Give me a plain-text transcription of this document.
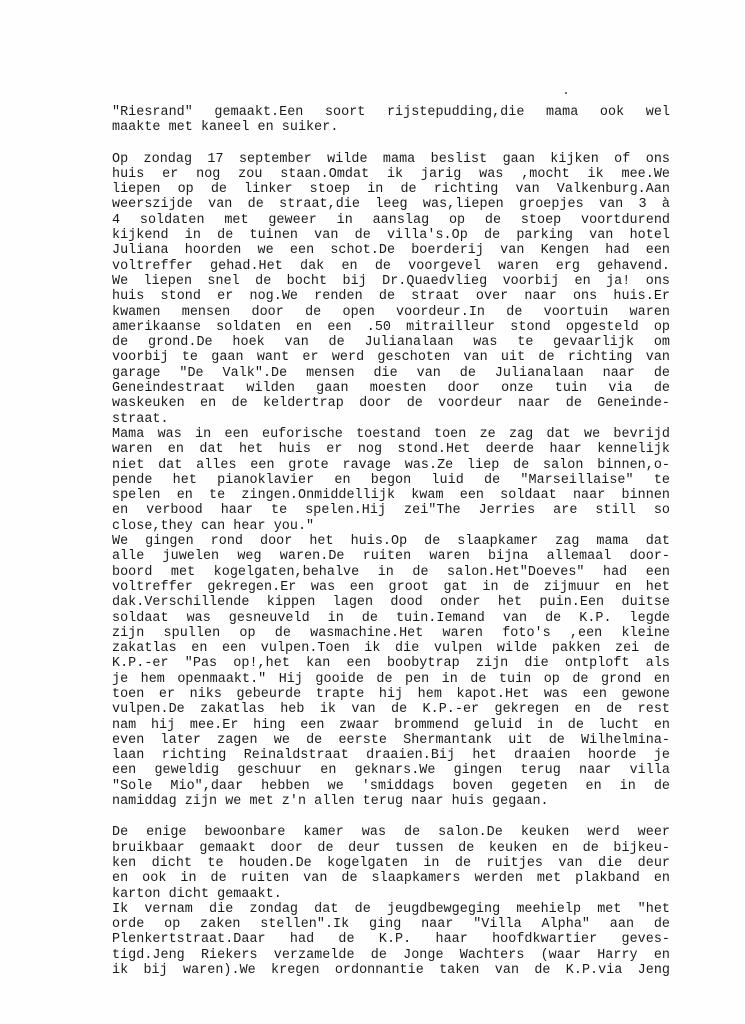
"Riesrand" gemaakt.Een soort rijstepudding,die mama ook wel
maakte met kaneel en suiker.
Op zondag 17 september wilde mama beslist gaan kijken of ons
huis er nog zou staan.Omdat ik jarig was ,mocht ik mee.We
liepen op de linker stoep in de richting van Valkenburg.Aan
weerszijde van de straat,die leeg was,liepen groepjes van 3 à
4 soldaten met geweer in aanslag op de stoep voortdurend
kijkend in de tuinen van de villa's.Op de parking van hotel
Juliana hoorden we een schot.De boerderij van Kengen had een
voltreffer gehad.Het dak en de voorgevel waren erg gehavend.
We liepen snel de bocht bij Dr.Quaedvlieg voorbij en ja! ons
huis stond er nog.We renden de straat over naar ons huis.Er
kwamen mensen door de open voordeur.In de voortuin waren
amerikaanse soldaten en een .50 mitrailleur stond opgesteld op
de grond.De hoek van de Julianalaan was te gevaarlijk om
voorbij te gaan want er werd geschoten van uit de richting van
garage "De Valk".De mensen die van de Julianalaan naar de
Geneindestraat wilden gaan moesten door onze tuin via de
waskeuken en de keldertrap door de voordeur naar de Geneinde-
straat.
Mama was in een euforische toestand toen ze zag dat we bevrijd
waren en dat het huis er nog stond.Het deerde haar kennelijk
niet dat alles een grote ravage was.Ze liep de salon binnen,o-
pende het pianoklavier en begon luid de "Marseillaise" te
spelen en te zingen.Onmiddellijk kwam een soldaat naar binnen
en verbood haar te spelen.Hij zei"The Jerries are still so
close,they can hear you."
We gingen rond door het huis.Op de slaapkamer zag mama dat
alle juwelen weg waren.De ruiten waren bijna allemaal door-
boord met kogelgaten,behalve in de salon.Het"Doeves" had een
voltreffer gekregen.Er was een groot gat in de zijmuur en het
dak.Verschillende kippen lagen dood onder het puin.Een duitse
soldaat was gesneuveld in de tuin.Iemand van de K.P. legde
zijn spullen op de wasmachine.Het waren foto's ,een kleine
zakatlas en een vulpen.Toen ik die vulpen wilde pakken zei de
K.P.-er "Pas op!,het kan een boobytrap zijn die ontploft als
je hem openmaakt." Hij gooide de pen in de tuin op de grond en
toen er niks gebeurde trapte hij hem kapot.Het was een gewone
vulpen.De zakatlas heb ik van de K.P.-er gekregen en de rest
nam hij mee.Er hing een zwaar brommend geluid in de lucht en
even later zagen we de eerste Shermantank uit de Wilhelmina-
laan richting Reinaldstraat draaien.Bij het draaien hoorde je
een geweldig geschuur en geknars.We gingen terug naar villa
"Sole Mio",daar hebben we 'smiddags boven gegeten en in de
namiddag zijn we met z'n allen terug naar huis gegaan.
De enige bewoonbare kamer was de salon.De keuken werd weer
bruikbaar gemaakt door de deur tussen de keuken en de bijkeu-
ken dicht te houden.De kogelgaten in de ruitjes van die deur
en ook in de ruiten van de slaapkamers werden met plakband en
karton dicht gemaakt.
Ik vernam die zondag dat de jeugdbewgeging meehielp met "het
orde op zaken stellen".Ik ging naar "Villa Alpha" aan de
Plenkertstraat.Daar had de K.P. haar hoofdkwartier geves-
tigd.Jeng Riekers verzamelde de Jonge Wachters (waar Harry en
ik bij waren).We kregen ordonnantie taken van de K.P.via Jeng
